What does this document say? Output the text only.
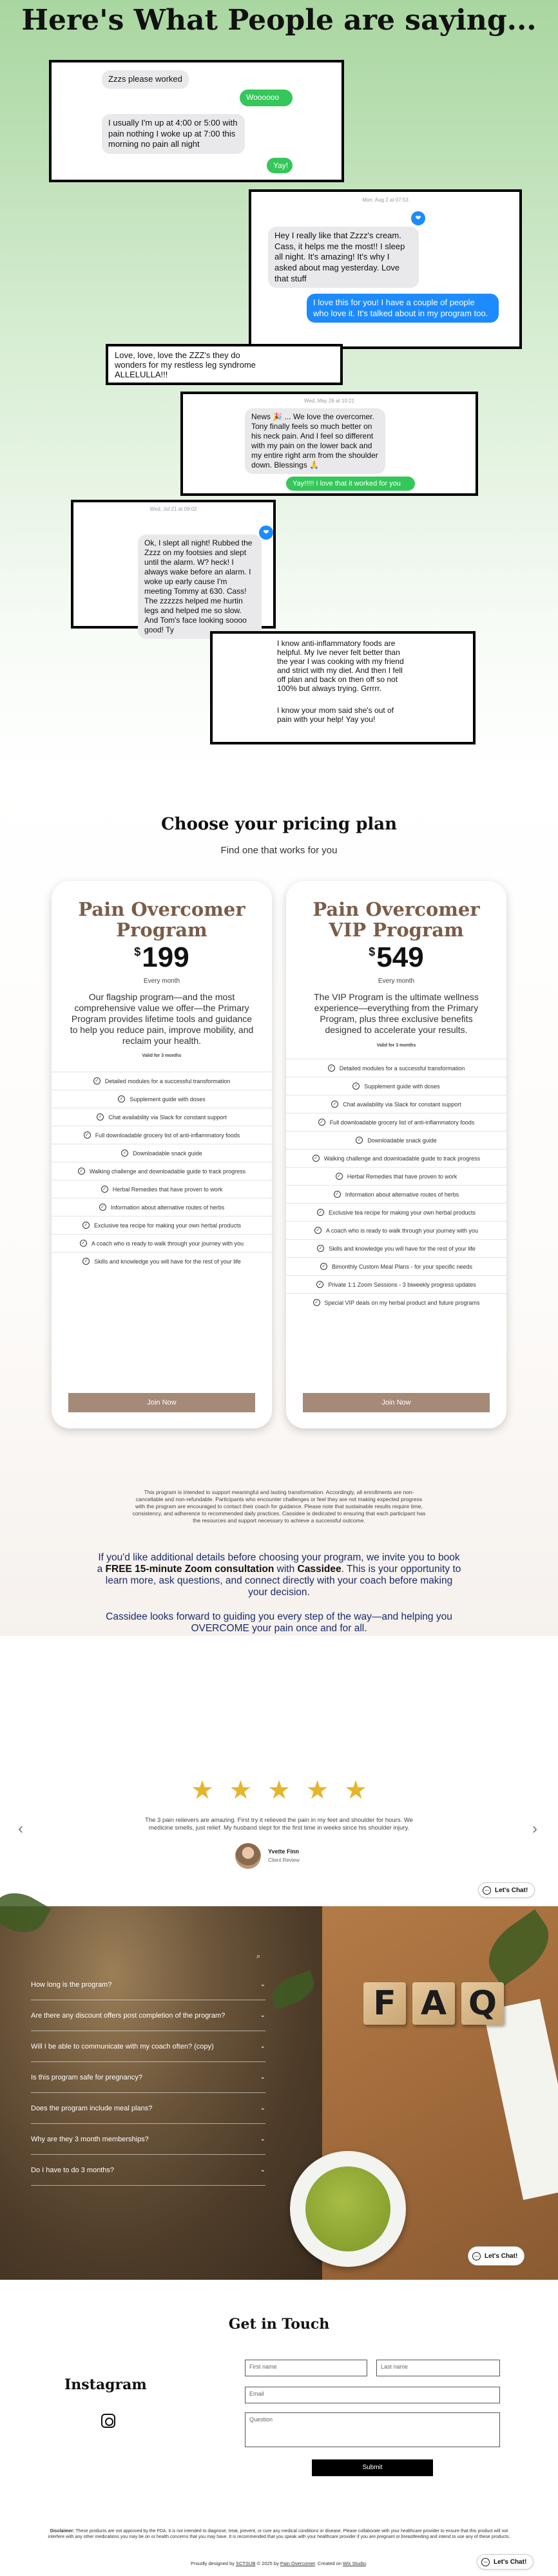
Here's What People are saying...
Zzzs please worked
Woooooo
I usually I'm up at 4:00 or 5:00 with pain nothing I woke up at 7:00 this morning no pain all night
Yay!
Mon, Aug 2 at 07:53
❤
Hey I really like that Zzzz's cream. Cass, it helps me the most!! I sleep all night. It's amazing! It's why I asked about mag yesterday. Love that stuff
I love this for you! I have a couple of people who love it. It's talked about in my program too.
Love, love, love the ZZZ's they do wonders for my restless leg syndrome ALLELULLA!!!
Wed, May 26 at 10:21
News 🎉 ... We love the overcomer. Tony finally feels so much better on his neck pain. And I feel so different with my pain on the lower back and my entire right arm from the shoulder down. Blessings 🙏
Yay!!!!! I love that it worked for you
Wed, Jul 21 at 09:02
❤
Ok, I slept all night! Rubbed the Zzzz on my footsies and slept until the alarm. W? heck! I always wake before an alarm. I woke up early cause I'm meeting Tommy at 630. Cass! The zzzzzs helped me hurtin legs and helped me so slow. And Tom's face looking soooo good! Ty
I know anti-inflammatory foods are helpful. My Ive never felt better than the year I was cooking with my friend and strict with my diet. And then I fell off plan and back on then off so not 100% but always trying. Grrrrr.
I know your mom said she's out of pain with your help! Yay you!
Choose your pricing plan
Find one that works for you
Pain Overcomer Program
$199
Every month
Our flagship program—and the most comprehensive value we offer—the Primary Program provides lifetime tools and guidance to help you reduce pain, improve mobility, and reclaim your health.
Valid for 3 months
✓ Detailed modules for a successful transformation
✓ Supplement guide with doses
✓ Chat availability via Slack for constant support
✓ Full downloadable grocery list of anti-inflammatory foods
✓ Downloadable snack guide
✓ Walking challenge and downloadable guide to track progress
✓ Herbal Remedies that have proven to work
✓ Information about alternative routes of herbs
✓ Exclusive tea recipe for making your own herbal products
✓ A coach who is ready to walk through your journey with you
✓ Skills and knowledge you will have for the rest of your life
Join Now
Pain Overcomer VIP Program
$549
Every month
The VIP Program is the ultimate wellness experience—everything from the Primary Program, plus three exclusive benefits designed to accelerate your results.
Valid for 3 months
✓ Detailed modules for a successful transformation
✓ Supplement guide with doses
✓ Chat availability via Slack for constant support
✓ Full downloadable grocery list of anti-inflammatory foods
✓ Downloadable snack guide
✓ Walking challenge and downloadable guide to track progress
✓ Herbal Remedies that have proven to work
✓ Information about alternative routes of herbs
✓ Exclusive tea recipe for making your own herbal products
✓ A coach who is ready to walk through your journey with you
✓ Skills and knowledge you will have for the rest of your life
✓ Bimonthly Custom Meal Plans - for your specific needs
✓ Private 1:1 Zoom Sessions - 3 biweekly progress updates
✓ Special VIP deals on my herbal product and future programs
Join Now

This program is intended to support meaningful and lasting transformation. Accordingly, all enrollments are non-cancellable and non-refundable. Participants who encounter challenges or feel they are not making expected progress with the program are encouraged to contact their coach for guidance. Please note that sustainable results require time, consistency, and adherence to recommended daily practices. Cassidee is dedicated to ensuring that each participant has the resources and support necessary to achieve a successful outcome.

If you'd like additional details before choosing your program, we invite you to book a FREE 15-minute Zoom consultation with Cassidee. This is your opportunity to learn more, ask questions, and connect directly with your coach before making your decision.

Cassidee looks forward to guiding you every step of the way—and helping you OVERCOME your pain once and for all.

‹
★ ★ ★ ★ ★

The 3 pain relievers are amazing. First try it relieved the pain in my feet and shoulder for hours. We medicine smells, just relief. My husband slept for the first time in weeks since his shoulder injury.

Yvette Finn
Client Review
›
… Let's Chat!
⌕
How long is the program?	⌄
Are there any discount offers post completion of the program?	⌄
Will I be able to communicate with my coach often? (copy)	⌄
Is this program safe for pregnancy?	⌄
Does the program include meal plans?	⌄
Why are they 3 month memberships?	⌄
Do I have to do 3 months?	⌄
F A Q
… Let's Chat!
Get in Touch
Instagram
First name	Last name
Email
Question
Submit

Disclaimer: These products are not approved by the FDA. It is not intended to diagnose, treat, prevent, or cure any medical conditions or disease. Please collaborate with your healthcare provider to ensure that this product will not interfere with any other medications you may be on or health concerns that you may have. It is recommended that you speak with your healthcare provider if you are pregnant or breastfeeding and intend to use any of these products.

Proudly designed by SCTSUB © 2025 by Pain Overcomer. Created on Wix Studio.	… Let's Chat!
